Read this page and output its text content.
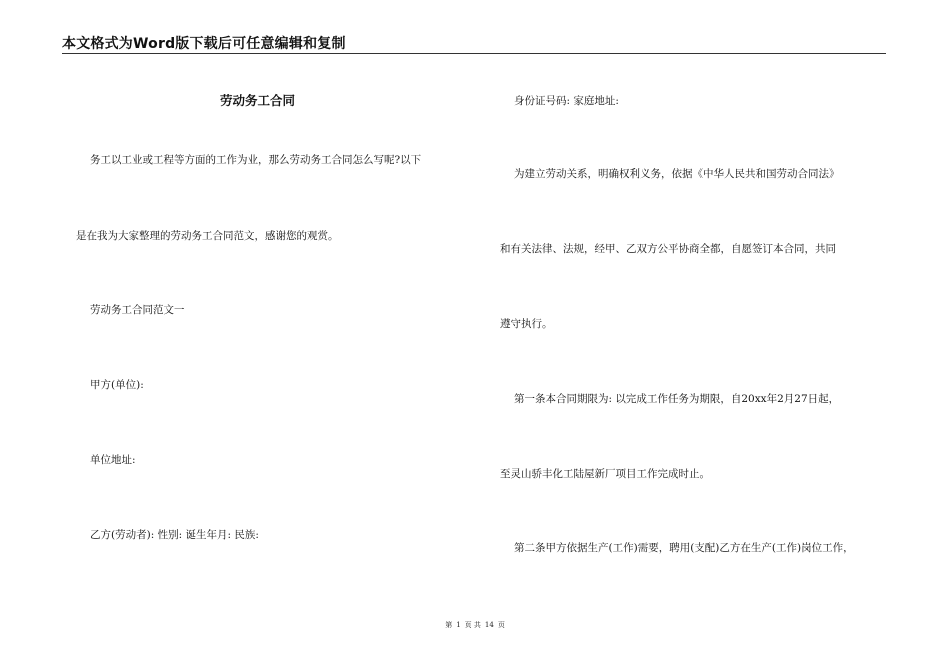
本文格式为Word版下载后可任意编辑和复制
劳动务工合同
务工以工业或工程等方面的工作为业，那么劳动务工合同怎么写呢?以下
是在我为大家整理的劳动务工合同范文，感谢您的观赏。
劳动务工合同范文一
甲方(单位):
单位地址:
乙方(劳动者): 性别: 诞生年月: 民族:
身份证号码: 家庭地址:
为建立劳动关系，明确权利义务，依据《中华人民共和国劳动合同法》
和有关法律、法规，经甲、乙双方公平协商全都，自愿签订本合同，共同
遵守执行。
第一条本合同期限为: 以完成工作任务为期限，自20xx年2月27日起，
至灵山骄丰化工陆屋新厂项目工作完成时止。
第二条甲方依据生产(工作)需要，聘用(支配)乙方在生产(工作)岗位工作，
第 1 页 共 14 页
